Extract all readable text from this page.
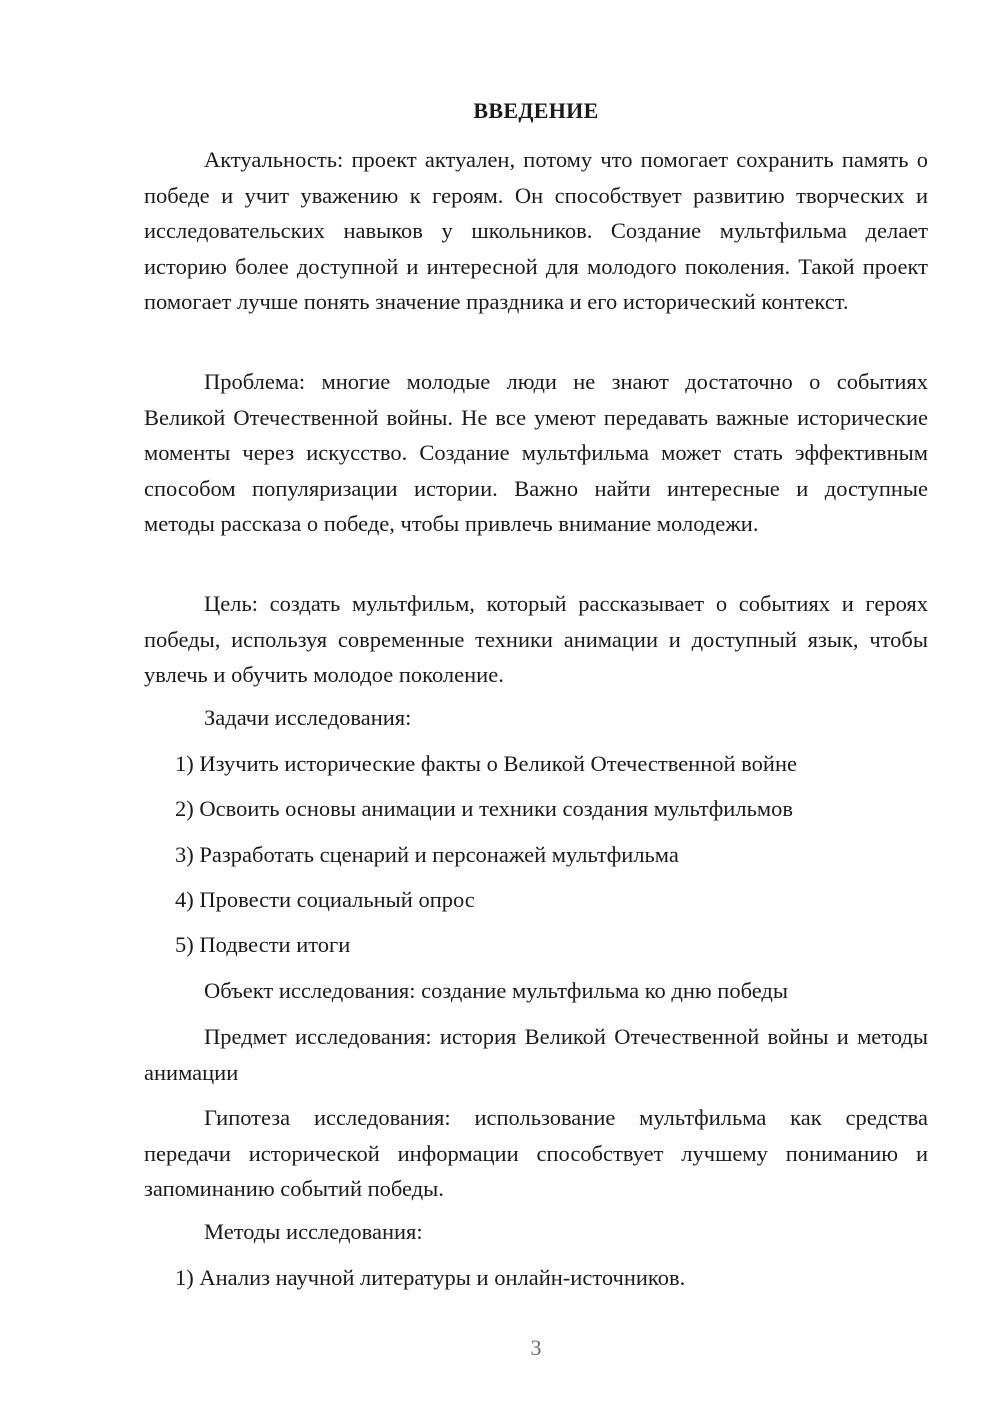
ВВЕДЕНИЕ

Актуальность: проект актуален, потому что помогает сохранить память о победе и учит уважению к героям. Он способствует развитию творческих и исследовательских навыков у школьников. Создание мультфильма делает историю более доступной и интересной для молодого поколения. Такой проект помогает лучше понять значение праздника и его исторический контекст.

Проблема: многие молодые люди не знают достаточно о событиях Великой Отечественной войны. Не все умеют передавать важные исторические моменты через искусство. Создание мультфильма может стать эффективным способом популяризации истории. Важно найти интересные и доступные методы рассказа о победе, чтобы привлечь внимание молодежи.

Цель: создать мультфильм, который рассказывает о событиях и героях победы, используя современные техники анимации и доступный язык, чтобы увлечь и обучить молодое поколение.

Задачи исследования:

1) Изучить исторические факты о Великой Отечественной войне

2) Освоить основы анимации и техники создания мультфильмов

3) Разработать сценарий и персонажей мультфильма

4) Провести социальный опрос

5) Подвести итоги

Объект исследования: создание мультфильма ко дню победы

Предмет исследования: история Великой Отечественной войны и методы анимации

Гипотеза исследования: использование мультфильма как средства передачи исторической информации способствует лучшему пониманию и запоминанию событий победы.

Методы исследования:

1) Анализ научной литературы и онлайн-источников.

3
